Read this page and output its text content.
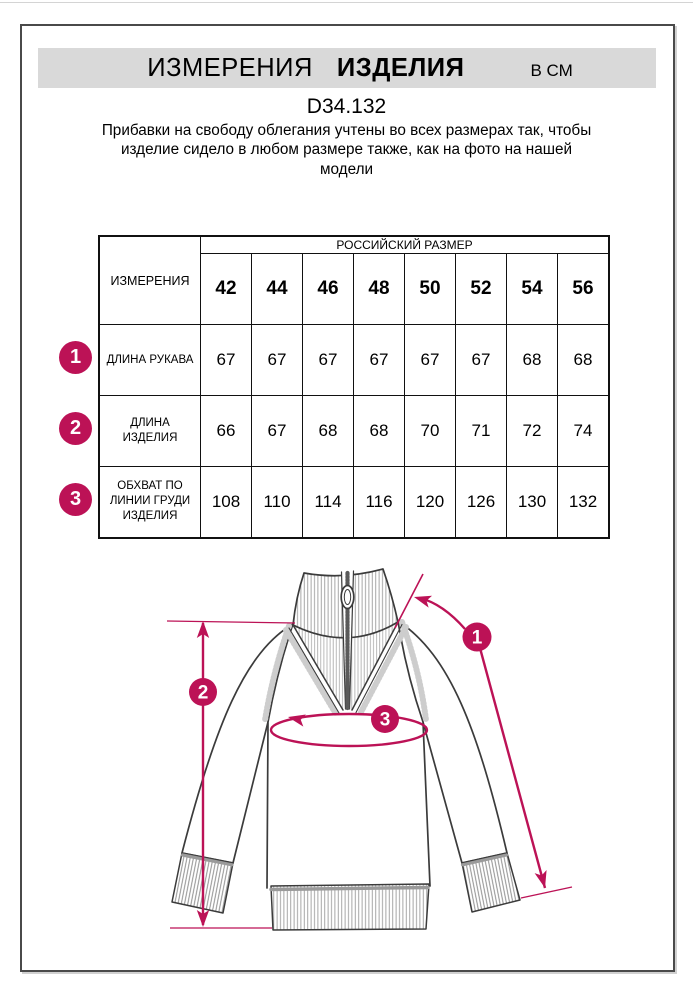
ИЗМЕРЕНИЯ ИЗДЕЛИЯ	В СМ
D34.132
Прибавки на свободу облегания учтены во всех размерах так, чтобы
изделие сидело в любом размере также, как на фото на нашей
модели
ИЗМЕРЕНИЯ	РОССИЙСКИЙ РАЗМЕР							
	42	44	46	48	50	52	54	56

ДЛИНА РУКАВА	67	67	67	67	67	67	68	68

ДЛИНА
ИЗДЕЛИЯ	66	67	68	68	70	71	72	74

ОБХВАТ ПО
ЛИНИИ ГРУДИ
ИЗДЕЛИЯ	108	110	114	116	120	126	130	132
1
2
3
1
2
3
